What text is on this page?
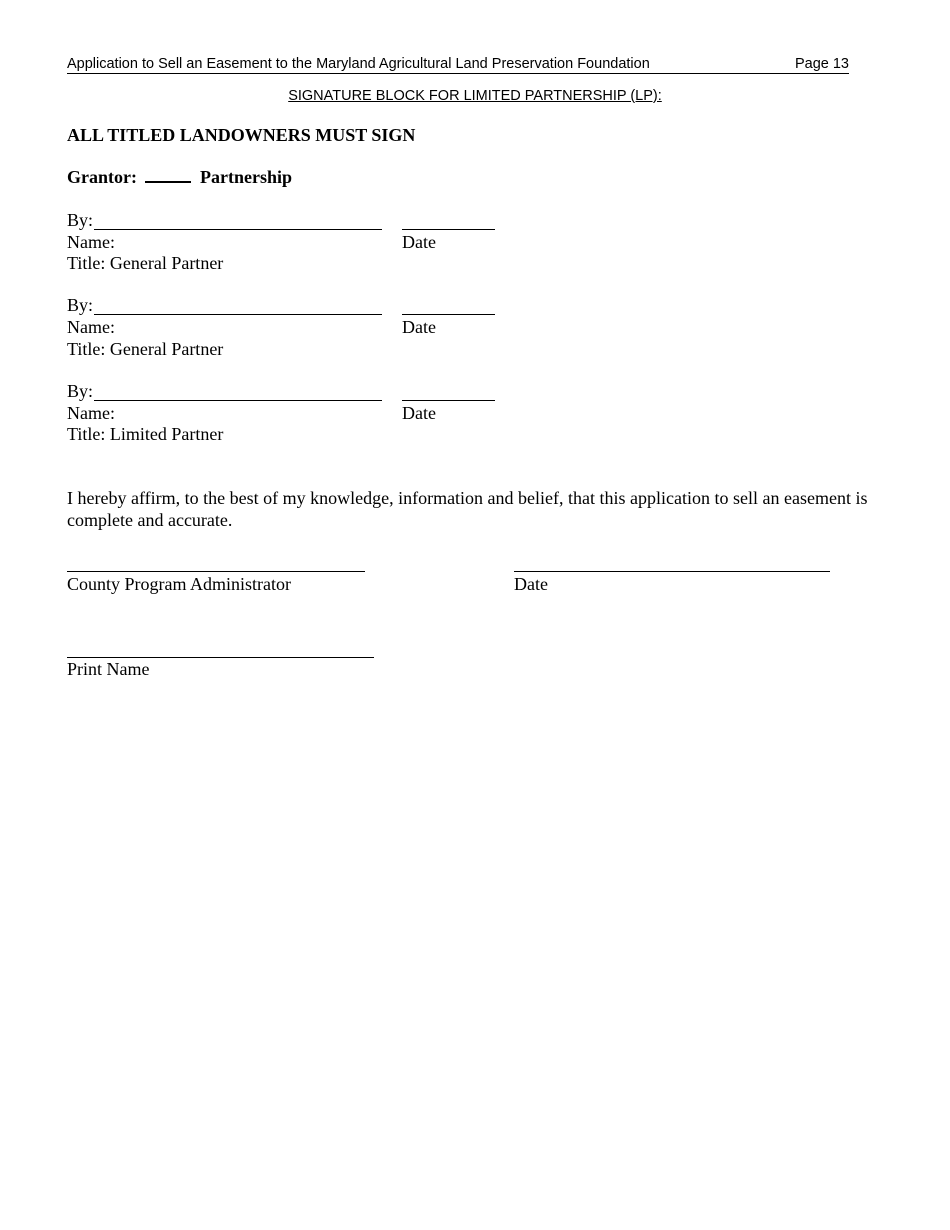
Application to Sell an Easement to the Maryland Agricultural Land Preservation Foundation	Page 13
SIGNATURE BLOCK FOR LIMITED PARTNERSHIP (LP):
ALL TITLED LANDOWNERS MUST SIGN
Grantor:	Partnership
By:
Name:	Date
Title: General Partner
By:
Name:	Date
Title: General Partner
By:
Name:	Date
Title: Limited Partner
I hereby affirm, to the best of my knowledge, information and belief, that this application to sell an easement is complete and accurate.
County Program Administrator	Date
Print Name
